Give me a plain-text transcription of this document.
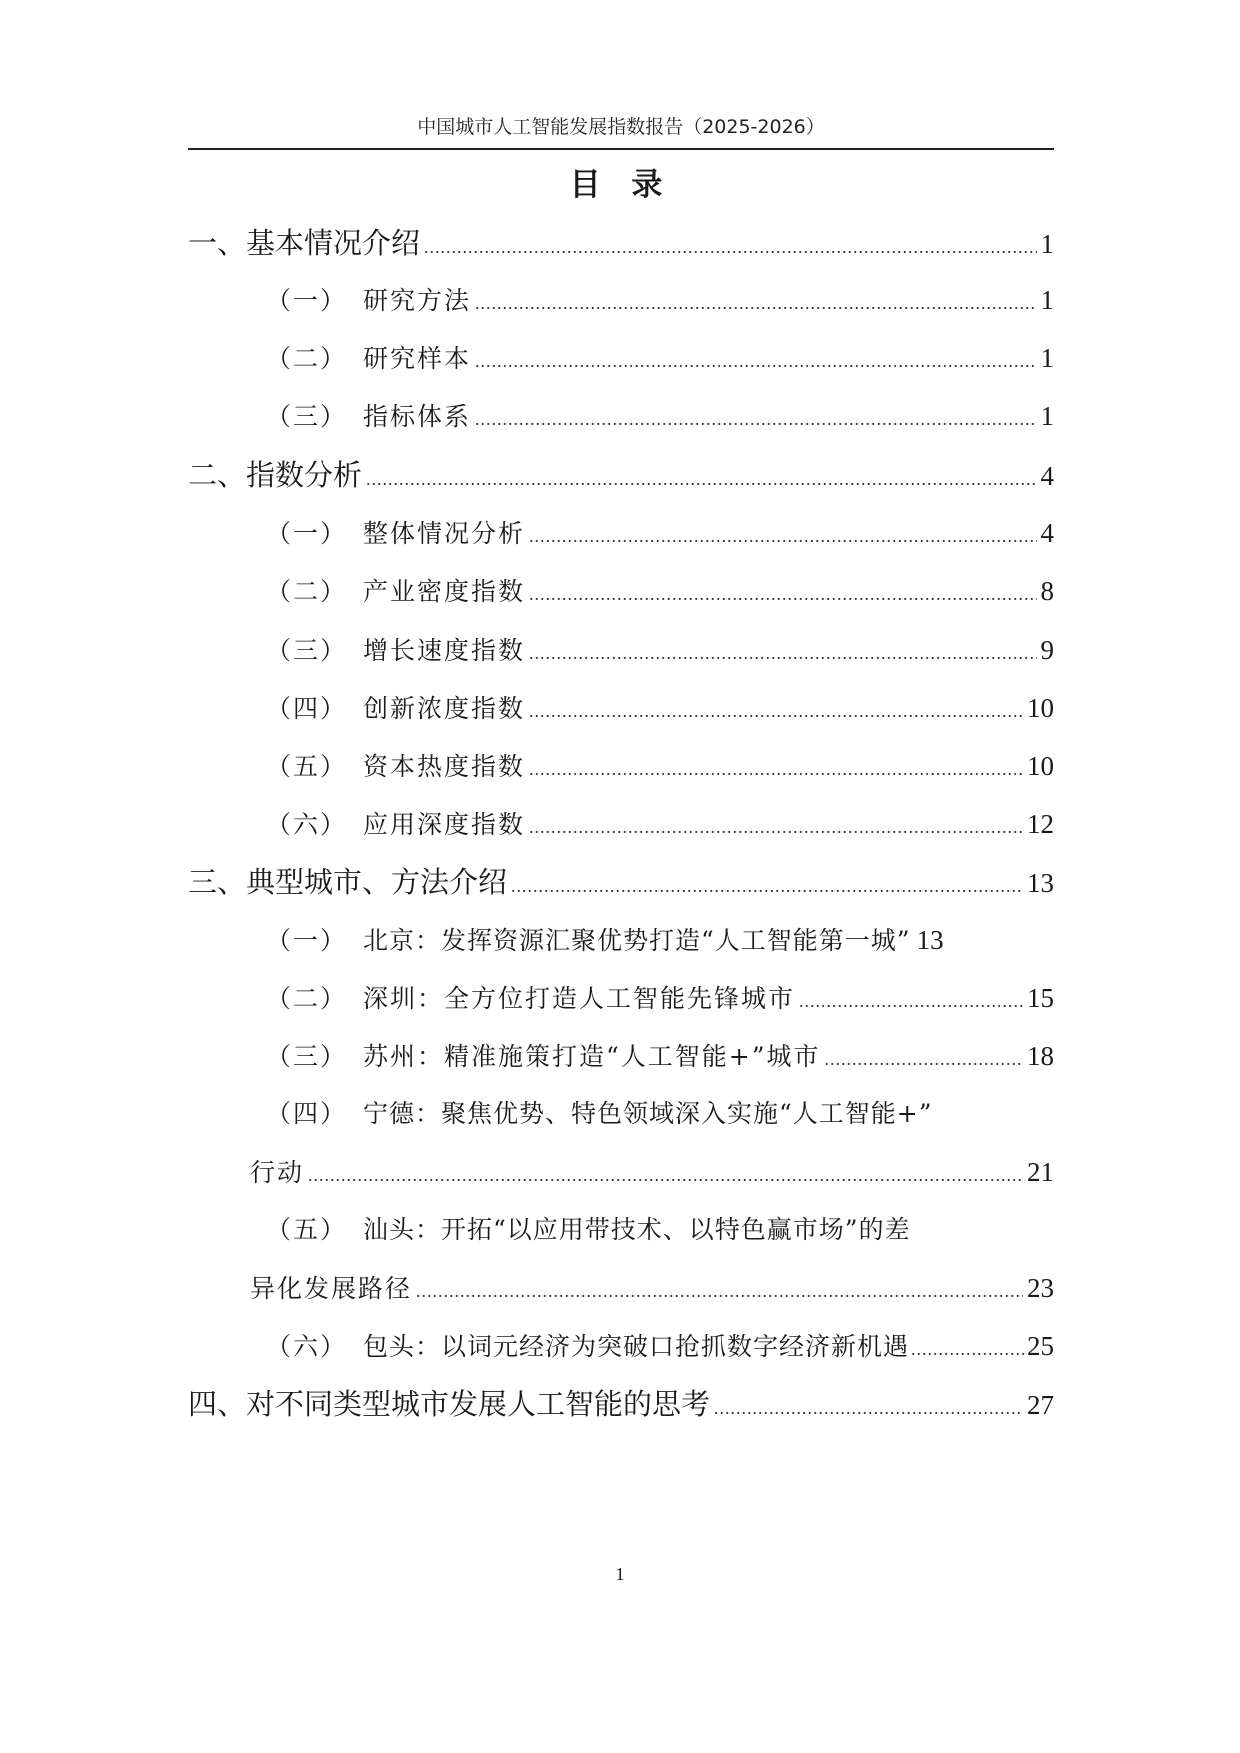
中国城市人工智能发展指数报告（2025-2026）
目 录
一、基本情况介绍 .....	1
（一） 研究方法 .....	1
（二） 研究样本 .....	1
（三） 指标体系 .....	1
二、指数分析 .....	4
（一） 整体情况分析 .....	4
（二） 产业密度指数 .....	8
（三） 增长速度指数 .....	9
（四） 创新浓度指数 .....	10
（五） 资本热度指数 .....	10
（六） 应用深度指数 .....	12
三、典型城市、方法介绍 .....	13
（一） 北京：发挥资源汇聚优势打造“人工智能第一城” 13
（二） 深圳：全方位打造人工智能先锋城市 .....	15
（三） 苏州：精准施策打造“人工智能+”城市 .....	18
（四） 宁德：聚焦优势、特色领域深入实施“人工智能+”
行动 .....	21
（五） 汕头：开拓“以应用带技术、以特色赢市场”的差
异化发展路径 .....	23
（六） 包头：以词元经济为突破口抢抓数字经济新机遇 .....	25
四、对不同类型城市发展人工智能的思考 .....	27
1
